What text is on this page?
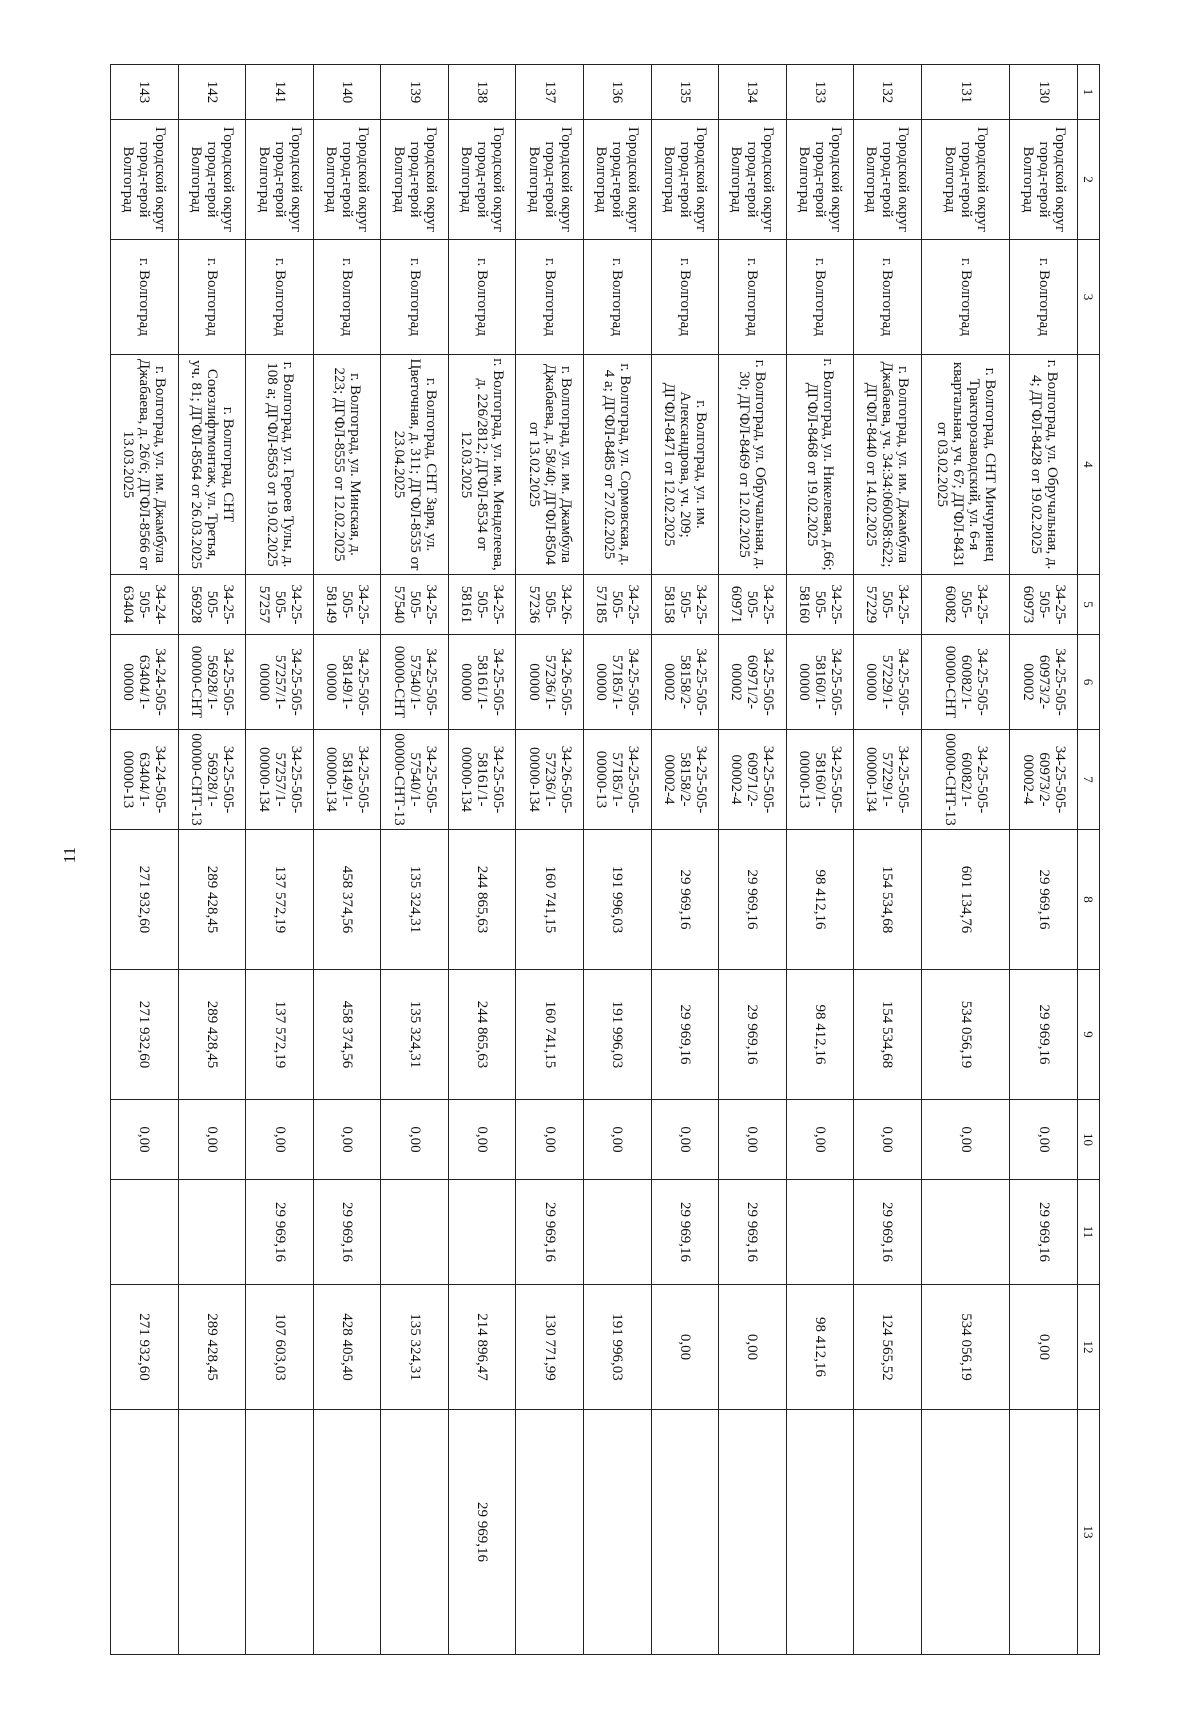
11
1	2	3	4	5	6	7	8	9	10	11	12	13
130	Городской округ город-герой Волгоград	г. Волгоград	г. Волгоград, ул. Обручальная, д. 4; ДГФЛ-8428 от 19.02.2025	34-25-505-60973	34-25-505-60973/2-00002	34-25-505-60973/2-00002-4	29 969,16	29 969,16	0,00	29 969,16	0,00	
131	Городской округ город-герой Волгоград	г. Волгоград	г. Волгоград, СНТ Мичуринец Тракторозаводский, ул. 6-я квартальная, уч. 67; ДГФЛ-8431 от 03.02.2025	34-25-505-60082	34-25-505-60082/1-00000-СНТ	34-25-505-60082/1-00000-СНТ-13	601 134,76	534 056,19	0,00		534 056,19	
132	Городской округ город-герой Волгоград	г. Волгоград	г. Волгоград, ул. им. Джамбула Джабаева, уч. 34:34:060058:622; ДГФЛ-8440 от 14.02.2025	34-25-505-57229	34-25-505-57229/1-00000	34-25-505-57229/1-00000-134	154 534,68	154 534,68	0,00	29 969,16	124 565,52	
133	Городской округ город-герой Волгоград	г. Волгоград	г. Волгоград, ул. Никелевая, д.66; ДГФЛ-8468 от 19.02.2025	34-25-505-58160	34-25-505-58160/1-00000	34-25-505-58160/1-00000-13	98 412,16	98 412,16	0,00		98 412,16	
134	Городской округ город-герой Волгоград	г. Волгоград	г. Волгоград, ул. Обручальная, д. 30; ДГФЛ-8469 от 12.02.2025	34-25-505-60971	34-25-505-60971/2-00002	34-25-505-60971/2-00002-4	29 969,16	29 969,16	0,00	29 969,16	0,00	
135	Городской округ город-герой Волгоград	г. Волгоград	г. Волгоград, ул. им. Александрова, уч. 209; ДГФЛ-8471 от 12.02.2025	34-25-505-58158	34-25-505-58158/2-00002	34-25-505-58158/2-00002-4	29 969,16	29 969,16	0,00	29 969,16	0,00	
136	Городской округ город-герой Волгоград	г. Волгоград	г. Волгоград, ул. Сормовская, д. 4 а; ДГФЛ-8485 от 27.02.2025	34-25-505-57185	34-25-505-57185/1-00000	34-25-505-57185/1-00000-13	191 996,03	191 996,03	0,00		191 996,03	
137	Городской округ город-герой Волгоград	г. Волгоград	г. Волгоград, ул. им. Джамбула Джабаева, д. 58/40; ДГФЛ-8504 от 13.02.2025	34-26-505-57236	34-26-505-57236/1-00000	34-26-505-57236/1-00000-134	160 741,15	160 741,15	0,00	29 969,16	130 771,99	
138	Городской округ город-герой Волгоград	г. Волгоград	г. Волгоград, ул. им. Менделеева, д. 226/2812; ДГФЛ-8534 от 12.03.2025	34-25-505-58161	34-25-505-58161/1-00000	34-25-505-58161/1-00000-134	244 865,63	244 865,63	0,00		214 896,47	29 969,16
139	Городской округ город-герой Волгоград	г. Волгоград	г. Волгоград, СНТ Заря, ул. Цветочная, д. 311; ДГФЛ-8535 от 23.04.2025	34-25-505-57540	34-25-505-57540/1-00000-СНТ	34-25-505-57540/1-00000-СНТ-13	135 324,31	135 324,31	0,00		135 324,31	
140	Городской округ город-герой Волгоград	г. Волгоград	г. Волгоград, ул. Минская, д. 223; ДГФЛ-8555 от 12.02.2025	34-25-505-58149	34-25-505-58149/1-00000	34-25-505-58149/1-00000-134	458 374,56	458 374,56	0,00	29 969,16	428 405,40	
141	Городской округ город-герой Волгоград	г. Волгоград	г. Волгоград, ул. Героев Тулы, д. 108 а; ДГФЛ-8563 от 19.02.2025	34-25-505-57257	34-25-505-57257/1-00000	34-25-505-57257/1-00000-134	137 572,19	137 572,19	0,00	29 969,16	107 603,03	
142	Городской округ город-герой Волгоград	г. Волгоград	г. Волгоград, СНТ Союзлифтмонтаж, ул. Третья, уч. 81; ДГФЛ-8564 от 26.03.2025	34-25-505-56928	34-25-505-56928/1-00000-СНТ	34-25-505-56928/1-00000-СНТ-13	289 428,45	289 428,45	0,00		289 428,45	
143	Городской округ город-герой Волгоград	г. Волгоград	г. Волгоград, ул. им. Джамбула Джабаева, д. 26/6; ДГФЛ-8566 от 13.03.2025	34-24-505-63404	34-24-505-63404/1-00000	34-24-505-63404/1-00000-13	271 932,60	271 932,60	0,00		271 932,60	
